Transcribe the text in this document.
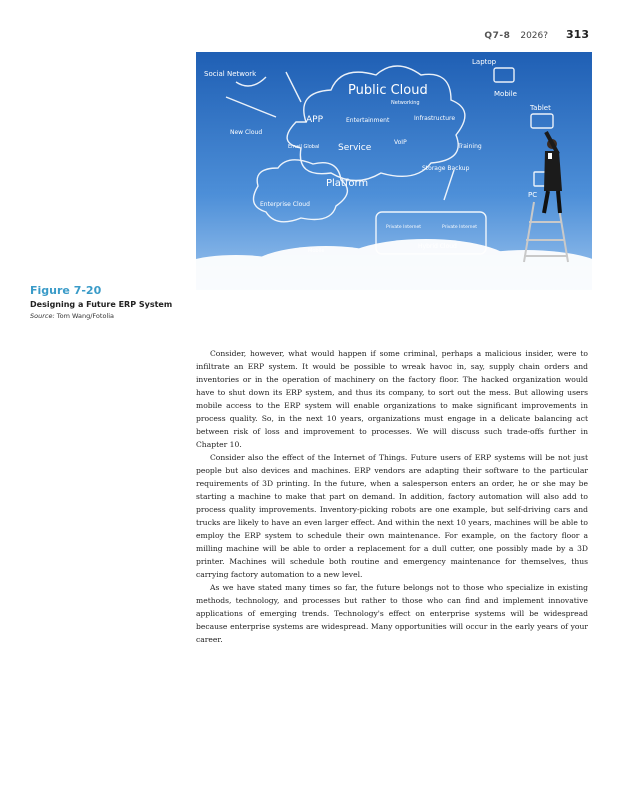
Q7-8 2026? 313
Social Network
Public Cloud
Networking
Laptop
Mobile
Tablet
PC
APP	Entertainment	Infrastructure
New Cloud
Email Global Service
VoIP
Training
Platform
Storage Backup
Enterprise Cloud
Private Internet	Private Internet
Hybrid Cloud
Mobile
Figure 7-20
Designing a Future ERP System
Source: Tom Wang/Fotolia

Consider, however, what would happen if some criminal, perhaps a malicious insider, were to infiltrate an ERP system. It would be possible to wreak havoc in, say, supply chain orders and inventories or in the operation of machinery on the factory floor. The hacked organization would have to shut down its ERP system, and thus its company, to sort out the mess. But allowing users mobile access to the ERP system will enable organizations to make significant improvements in process quality. So, in the next 10 years, organizations must engage in a delicate balancing act between risk of loss and improvement to processes. We will discuss such trade-offs further in Chapter 10.

Consider also the effect of the Internet of Things. Future users of ERP systems will be not just people but also devices and machines. ERP vendors are adapting their software to the particular requirements of 3D printing. In the future, when a salesperson enters an order, he or she may be starting a machine to make that part on demand. In addition, factory automation will also add to process quality improvements. Inventory-picking robots are one example, but self-driving cars and trucks are likely to have an even larger effect. And within the next 10 years, machines will be able to employ the ERP system to schedule their own maintenance. For example, on the factory floor a milling machine will be able to order a replacement for a dull cutter, one possibly made by a 3D printer. Machines will schedule both routine and emergency maintenance for themselves, thus carrying factory automation to a new level.

As we have stated many times so far, the future belongs not to those who specialize in existing methods, technology, and processes but rather to those who can find and implement innovative applications of emerging trends. Technology's effect on enterprise systems will be widespread because enterprise systems are widespread. Many opportunities will occur in the early years of your career.
